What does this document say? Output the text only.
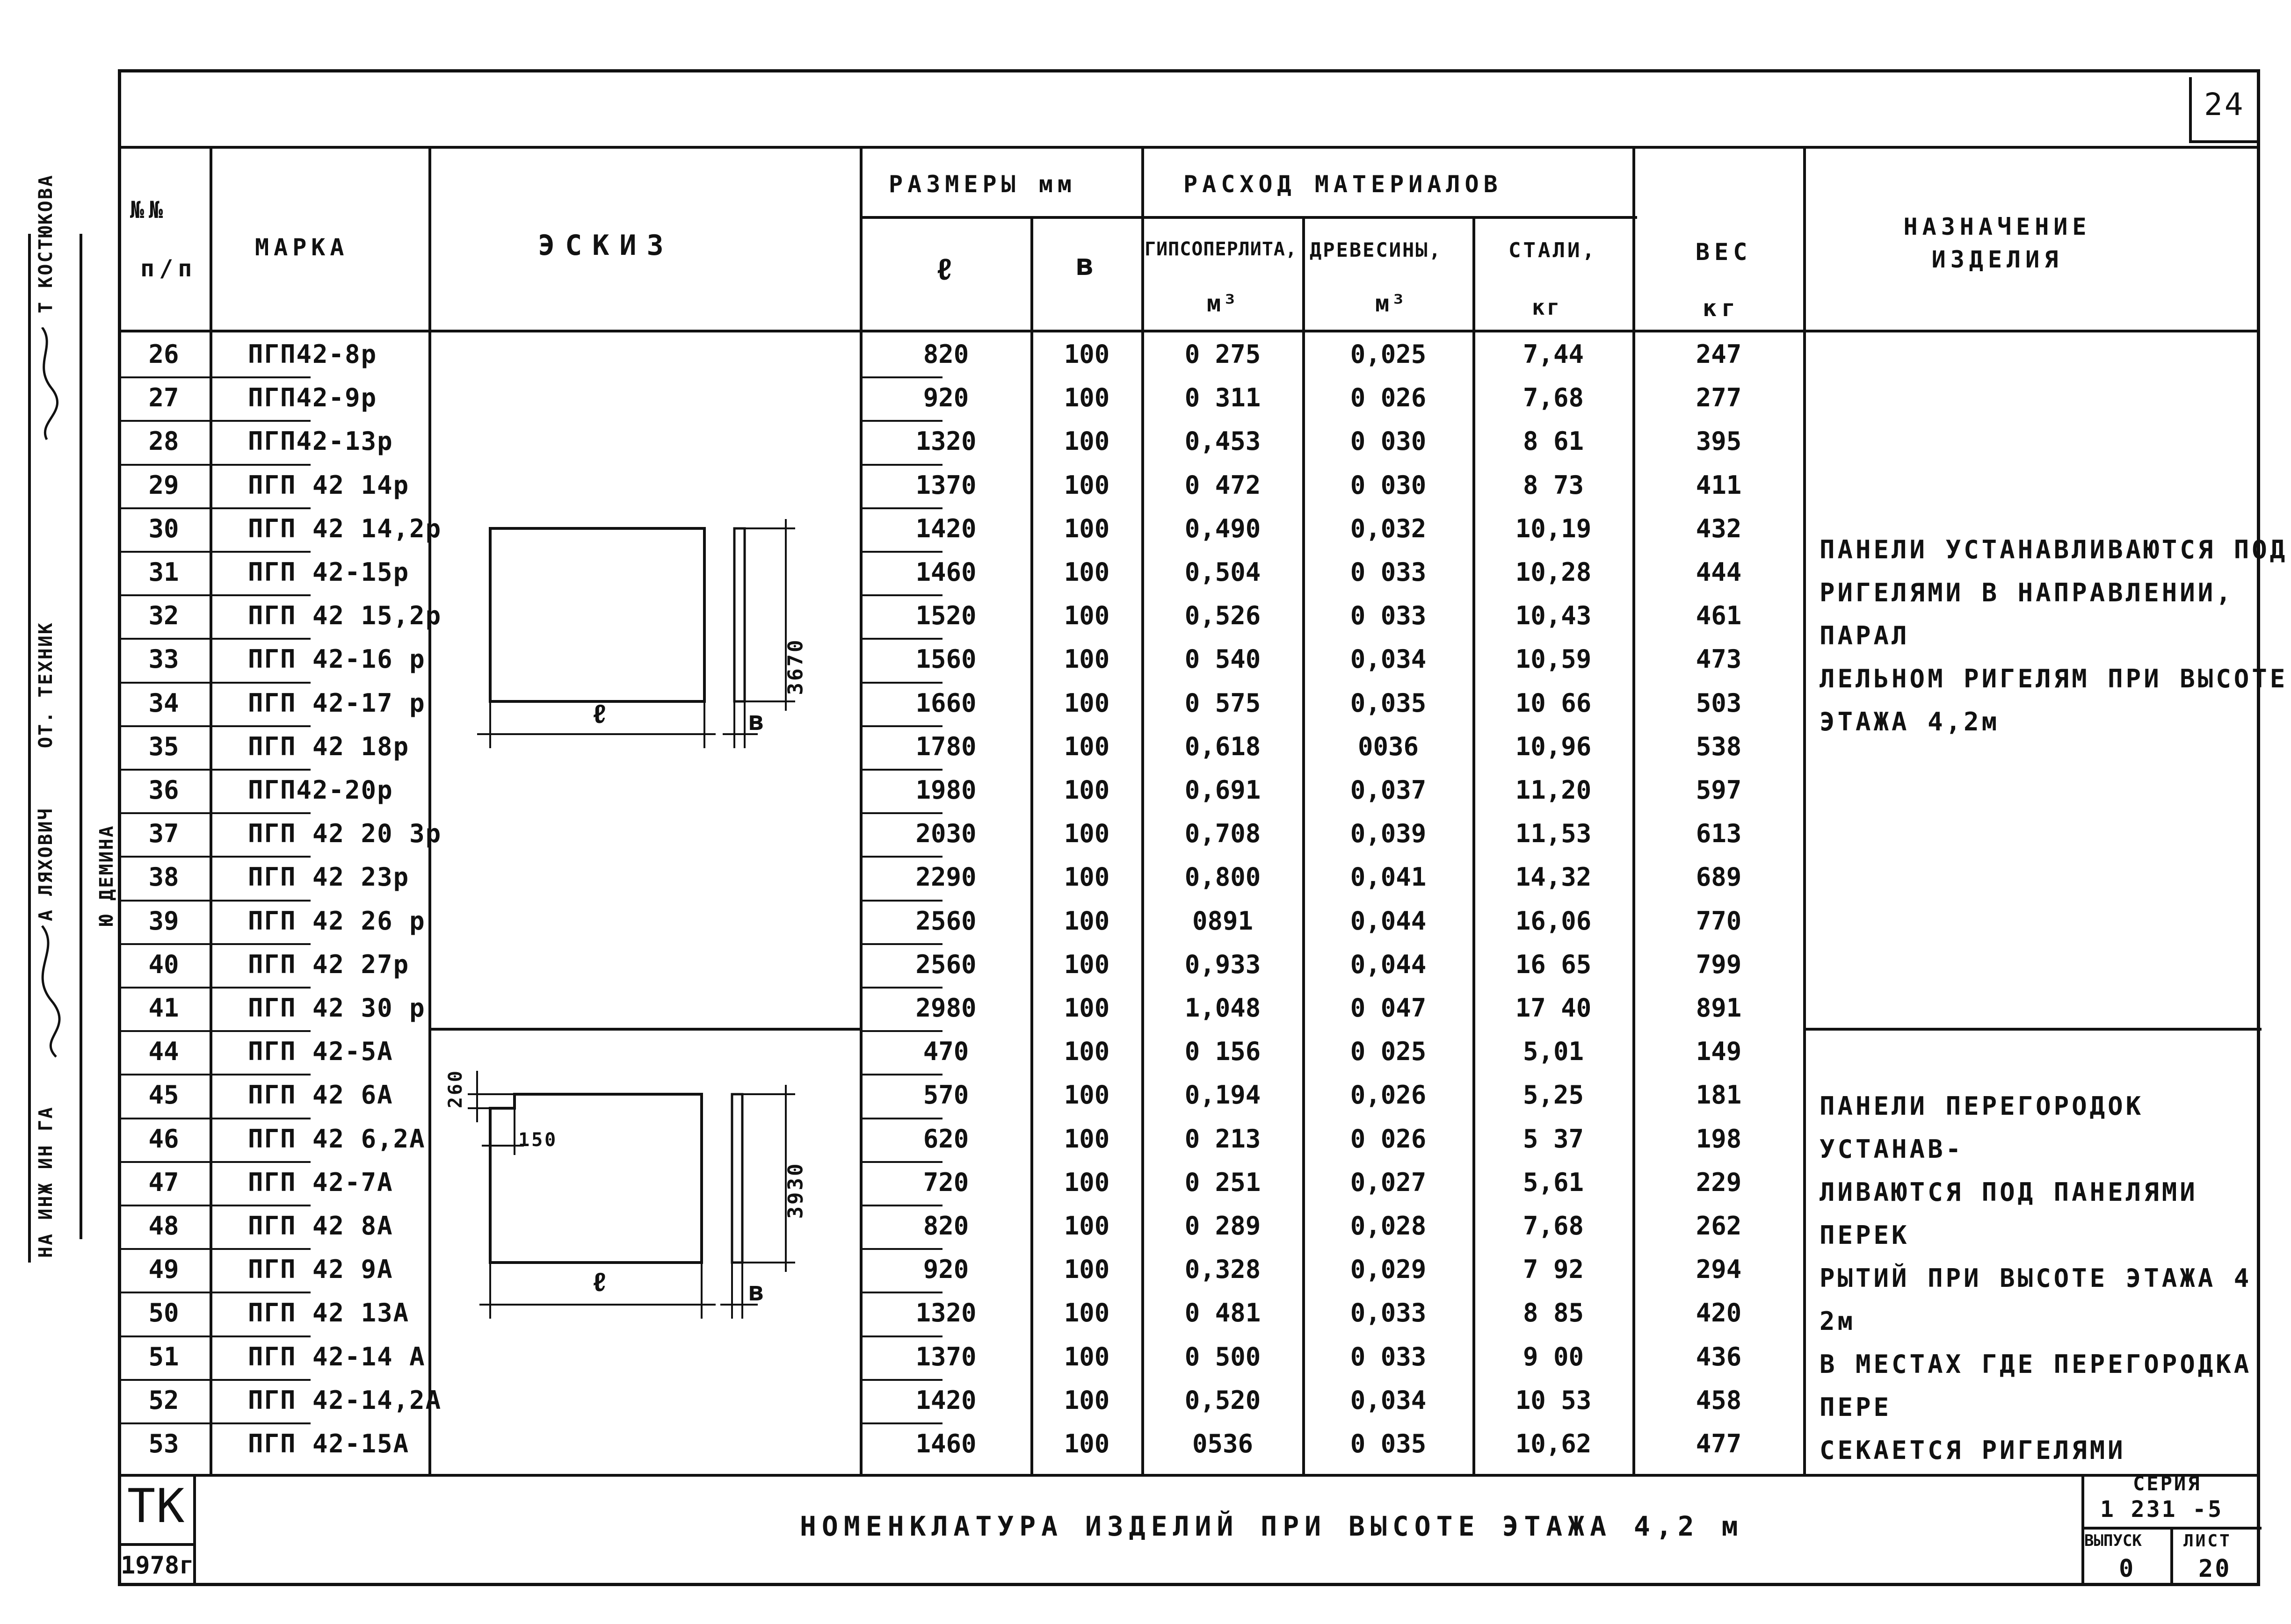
Т КОСТЮКОВА
ОТ. ТЕХНИК
А ЛЯХОВИЧ
НА ИНЖ ИН ГА
Ю ДЕМИНА
24
№№
п/п
МАРКА	ЭСКИЗ
РАЗМЕРЫ мм
ℓ	в
РАСХОД МАТЕРИАЛОВ
ГИПСОПЕРЛИТА,
м³
ДРЕВЕСИНЫ,
м³
СТАЛИ,
кг
ВЕС
кг
НАЗНАЧЕНИЕ ИЗДЕЛИЯ
26	ПГП42-8р	820	100	0 275	0,025	7,44	247
27	ПГП42-9р	920	100	0 311	0 026	7,68	277
28	ПГП42-13р	1320	100	0,453	0 030	8 61	395
29	ПГП 42 14р	1370	100	0 472	0 030	8 73	411
30	ПГП 42 14,2р	1420	100	0,490	0,032	10,19	432
31	ПГП 42-15р	1460	100	0,504	0 033	10,28	444
32	ПГП 42 15,2р	1520	100	0,526	0 033	10,43	461
33	ПГП 42-16 р	1560	100	0 540	0,034	10,59	473
34	ПГП 42-17 р	1660	100	0 575	0,035	10 66	503
35	ПГП 42 18р	1780	100	0,618	0036	10,96	538
36	ПГП42-20р	1980	100	0,691	0,037	11,20	597
37	ПГП 42 20 3р	2030	100	0,708	0,039	11,53	613
38	ПГП 42 23р	2290	100	0,800	0,041	14,32	689
39	ПГП 42 26 р	2560	100	0891	0,044	16,06	770
40	ПГП 42 27р	2560	100	0,933	0,044	16 65	799
41	ПГП 42 30 р	2980	100	1,048	0 047	17 40	891
44	ПГП 42-5А	470	100	0 156	0 025	5,01	149
45	ПГП 42 6А	570	100	0,194	0,026	5,25	181
46	ПГП 42 6,2А	620	100	0 213	0 026	5 37	198
47	ПГП 42-7А	720	100	0 251	0,027	5,61	229
48	ПГП 42 8А	820	100	0 289	0,028	7,68	262
49	ПГП 42 9А	920	100	0,328	0,029	7 92	294
50	ПГП 42 13А	1320	100	0 481	0,033	8 85	420
51	ПГП 42-14 А	1370	100	0 500	0 033	9 00	436
52	ПГП 42-14,2А	1420	100	0,520	0,034	10 53	458
53	ПГП 42-15А	1460	100	0536	0 035	10,62	477
ПАНЕЛИ УСТАНАВЛИВАЮТСЯ ПОД
РИГЕЛЯМИ В НАПРАВЛЕНИИ, ПАРАЛ
ЛЕЛЬНОМ РИГЕЛЯМ ПРИ ВЫСОТЕ
ЭТАЖА 4,2м
ПАНЕЛИ ПЕРЕГОРОДОК УСТАНАВ-
ЛИВАЮТСЯ ПОД ПАНЕЛЯМИ ПЕРЕК
РЫТИЙ ПРИ ВЫСОТЕ ЭТАЖА 4 2м
В МЕСТАХ ГДЕ ПЕРЕГОРОДКА ПЕРЕ
СЕКАЕТСЯ РИГЕЛЯМИ
3670
ℓ	в
260
150
3930
ℓ	в
ТК
1978г
НОМЕНКЛАТУРА ИЗДЕЛИЙ ПРИ ВЫСОТЕ ЭТАЖА 4,2 м
СЕРИЯ
1 231 -5
ВЫПУСК
0
ЛИСТ
20
